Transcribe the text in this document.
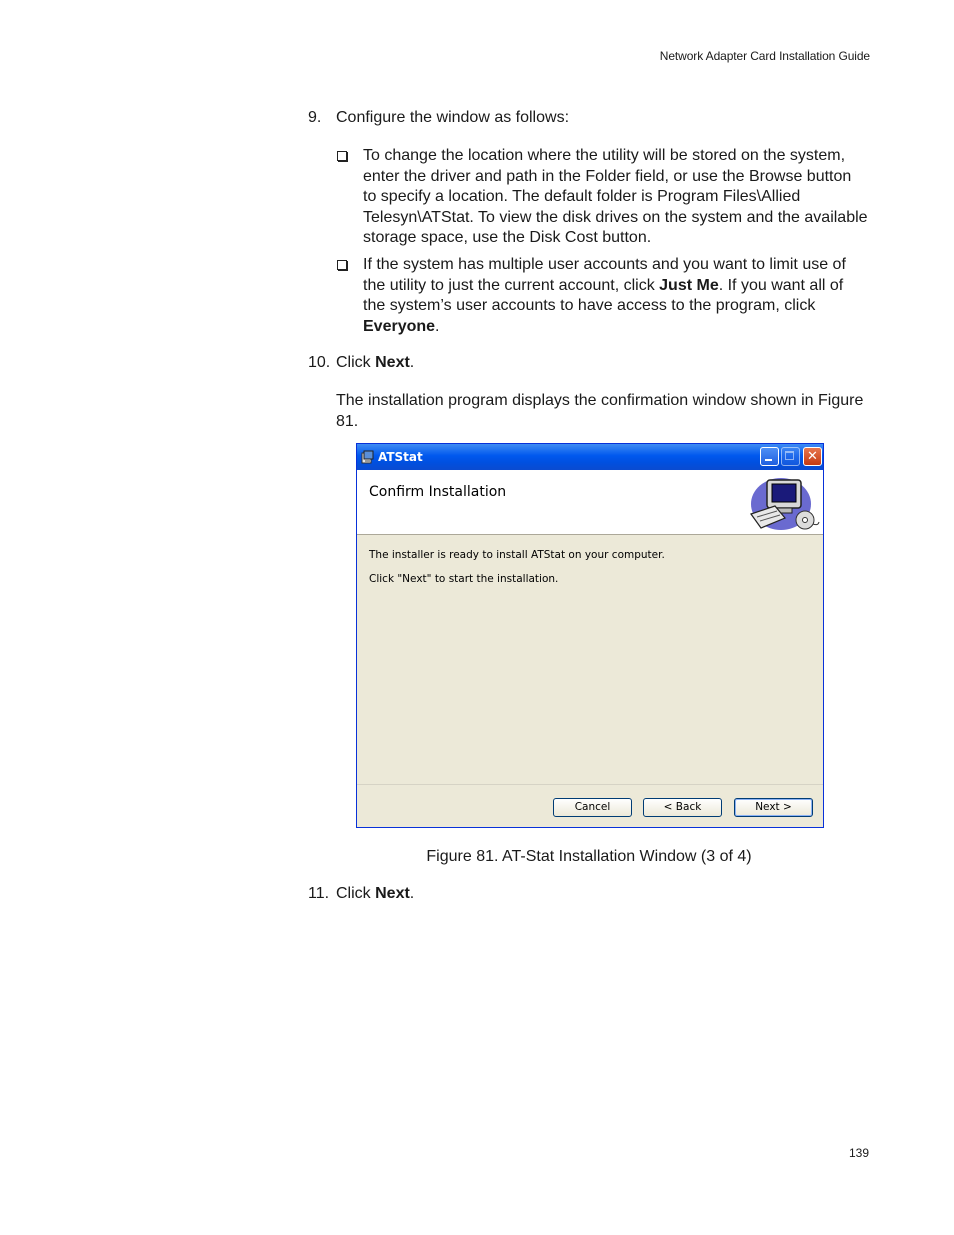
Network Adapter Card Installation Guide
9. Configure the window as follows:
To change the location where the utility will be stored on the system, enter the driver and path in the Folder field, or use the Browse button to specify a location. The default folder is Program Files\Allied Telesyn\ATStat. To view the disk drives on the system and the available storage space, use the Disk Cost button.
If the system has multiple user accounts and you want to limit use of the utility to just the current account, click Just Me. If you want all of the system’s user accounts to have access to the program, click Everyone.
10. Click Next.
The installation program displays the confirmation window shown in Figure 81.
ATStat	✕
Confirm Installation
The installer is ready to install ATStat on your computer.
Click "Next" to start the installation.
Cancel	< Back	Next >
Figure 81. AT-Stat Installation Window (3 of 4)
11. Click Next.
139
